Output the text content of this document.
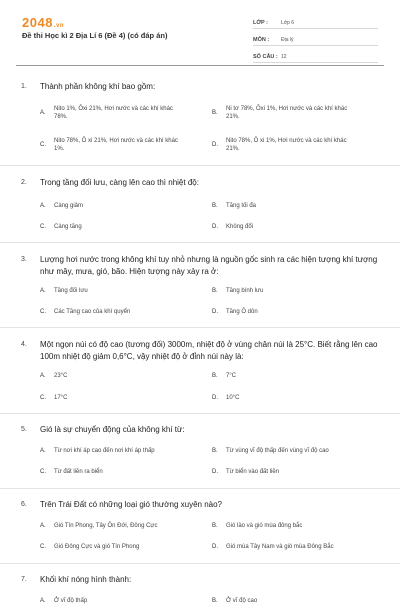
2048.vn
Đề thi Học kì 2 Địa Lí 6 (Đề 4) (có đáp án)
LỚP :	Lớp 6
MÔN :	Địa lý
SỐ CÂU : 12
1. Thành phần không khí bao gồm:
A.
Nito 1%, Ôxi 21%, Hơi nước và các khí khác 78%.
B.
Ni tơ 78%, Ôxi 1%, Hơi nước và các khí khác 21%.
C.
Nito 78%, Ô xi 21%, Hơi nước và các khí khác 1%.
D.
Nito 78%, Ô xi 1%, Hơi nước và các khí khác 21%.
2. Trong tầng đối lưu, càng lên cao thì nhiệt độ:
A.	Càng giảm	B.	Tăng tối đa
C.	Càng tăng	D.	Không đổi
3. Lượng hơi nước trong không khí tuy nhỏ nhưng là nguồn gốc sinh ra các hiện tượng khí tượng như mây, mưa, gió, bão. Hiện tượng này xảy ra ở:
A.	Tầng đối lưu	B.	Tầng bình lưu
C.	Các Tầng cao của khí quyển	D.	Tầng Ô dôn
4. Một ngọn núi có độ cao (tương đối) 3000m, nhiệt độ ở vùng chân núi là 25°C. Biết rằng lên cao 100m nhiệt độ giảm 0,6°C, vậy nhiệt độ ở đỉnh núi này là:
A.	23°C	B.	7°C
C.	17°C	D.	10°C
5. Gió là sự chuyển động của không khí từ:
A.	Từ nơi khí áp cao đến nơi khí áp thấp	B.	Từ vùng vĩ độ thấp đến vùng vĩ độ cao
C.	Từ đất liền ra biển	D.	Từ biển vào đất liền
6. Trên Trái Đất có những loại gió thường xuyên nào?
A.	Gió Tín Phong, Tây Ôn Đới, Đông Cực	B.	Gió lào và gió mùa đông bắc
C.	Gió Đông Cực và gió Tín Phong	D.	Gió mùa Tây Nam và gió mùa Đông Bắc
7. Khối khí nóng hình thành:
A.	Ở vĩ độ thấp	B.	Ở vĩ độ cao
